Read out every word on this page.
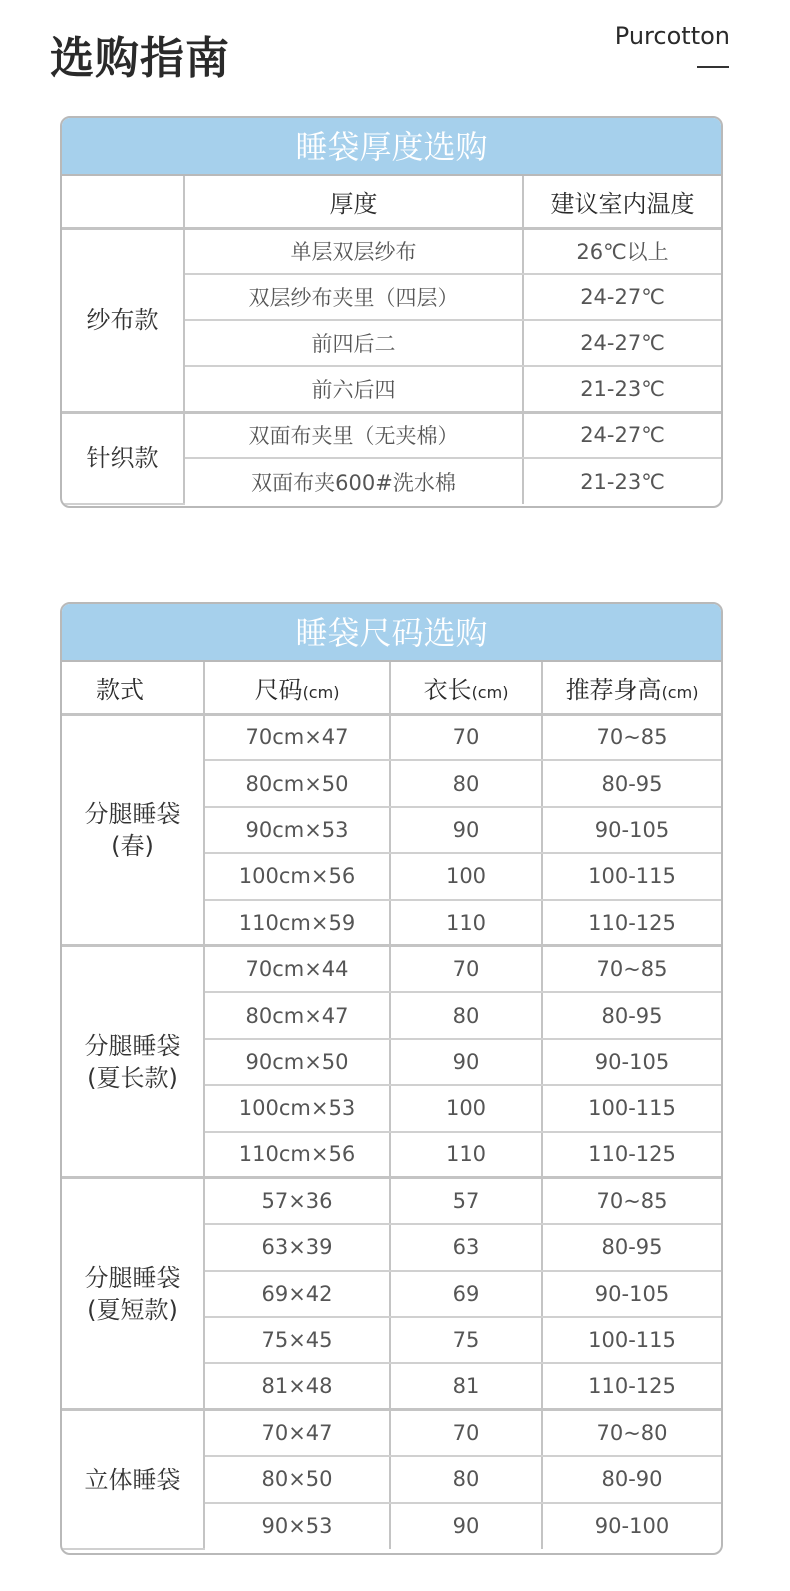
选购指南	Purcotton
睡袋厚度选购
	厚度	建议室内温度
纱布款	单层双层纱布	26℃以上
	双层纱布夹里（四层）	24-27℃
	前四后二	24-27℃
	前六后四	21-23℃
针织款	双面布夹里（无夹棉）	24-27℃
	双面布夹600#洗水棉	21-23℃
睡袋尺码选购
款式	尺码(cm)	衣长(cm)	推荐身高(cm)

分腿睡袋
(春)	70cm×47	70	70~85
	80cm×50	80	80-95
	90cm×53	90	90-105
	100cm×56	100	100-115
	110cm×59	110	110-125

分腿睡袋
(夏长款)	70cm×44	70	70~85
	80cm×47	80	80-95
	90cm×50	90	90-105
	100cm×53	100	100-115
	110cm×56	110	110-125

分腿睡袋
(夏短款)	57×36	57	70~85
	63×39	63	80-95
	69×42	69	90-105
	75×45	75	100-115
	81×48	81	110-125

立体睡袋	70×47	70	70~80
	80×50	80	80-90
	90×53	90	90-100
